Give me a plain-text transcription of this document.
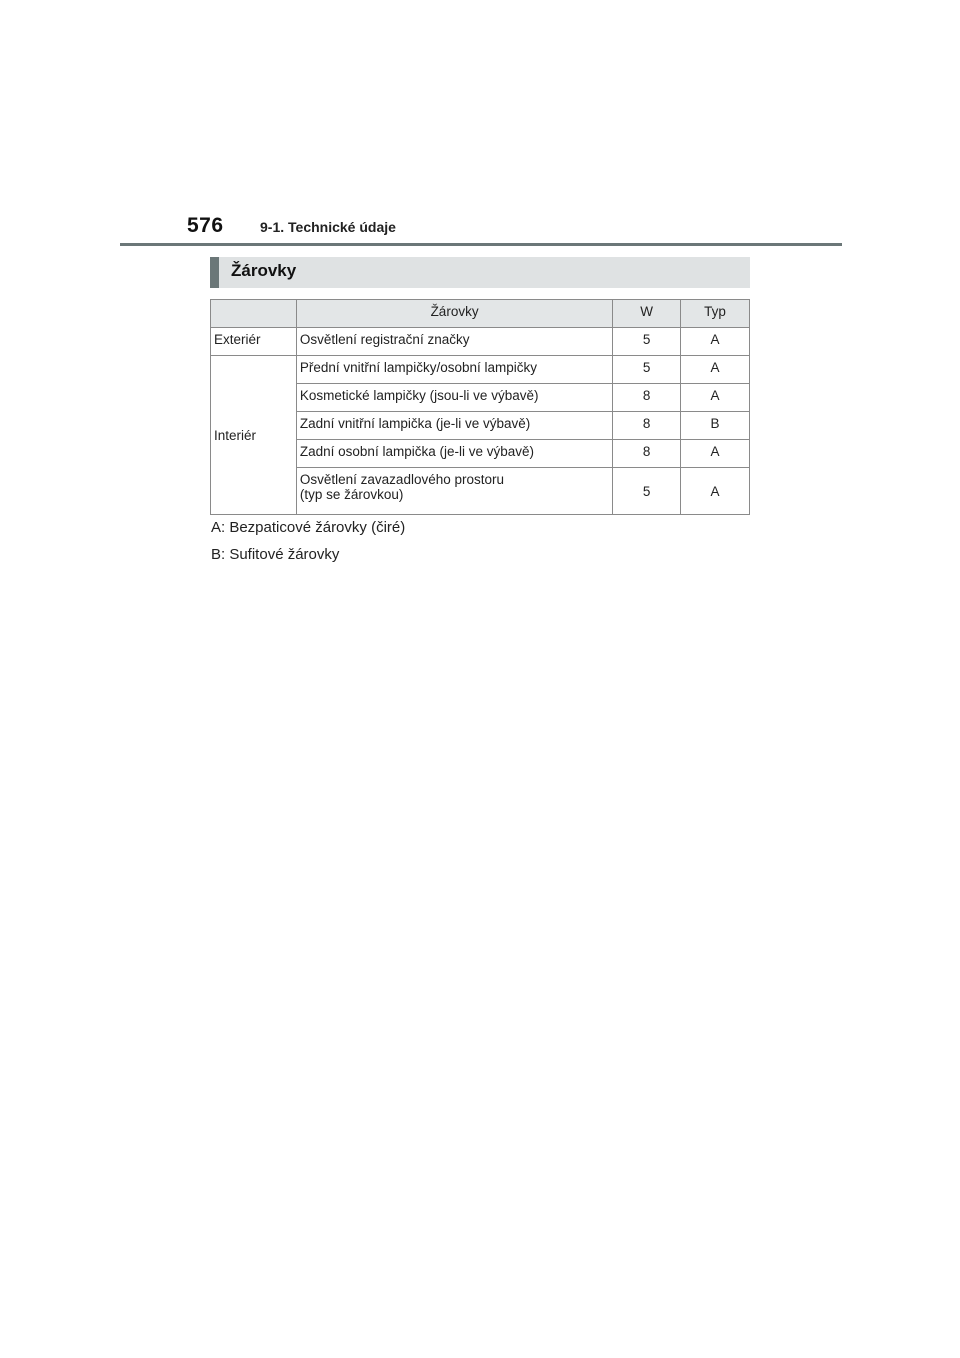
576	9-1. Technické údaje
Žárovky
	Žárovky	W	Typ
Exteriér	Osvětlení registrační značky	5	A
Interiér	Přední vnitřní lampičky/osobní lampičky	5	A
	Kosmetické lampičky (jsou-li ve výbavě)	8	A
	Zadní vnitřní lampička (je-li ve výbavě)	8	B
	Zadní osobní lampička (je-li ve výbavě)	8	A

	Osvětlení zavazadlového prostoru
(typ se žárovkou)	5	A
A: Bezpaticové žárovky (čiré)
B: Sufitové žárovky
